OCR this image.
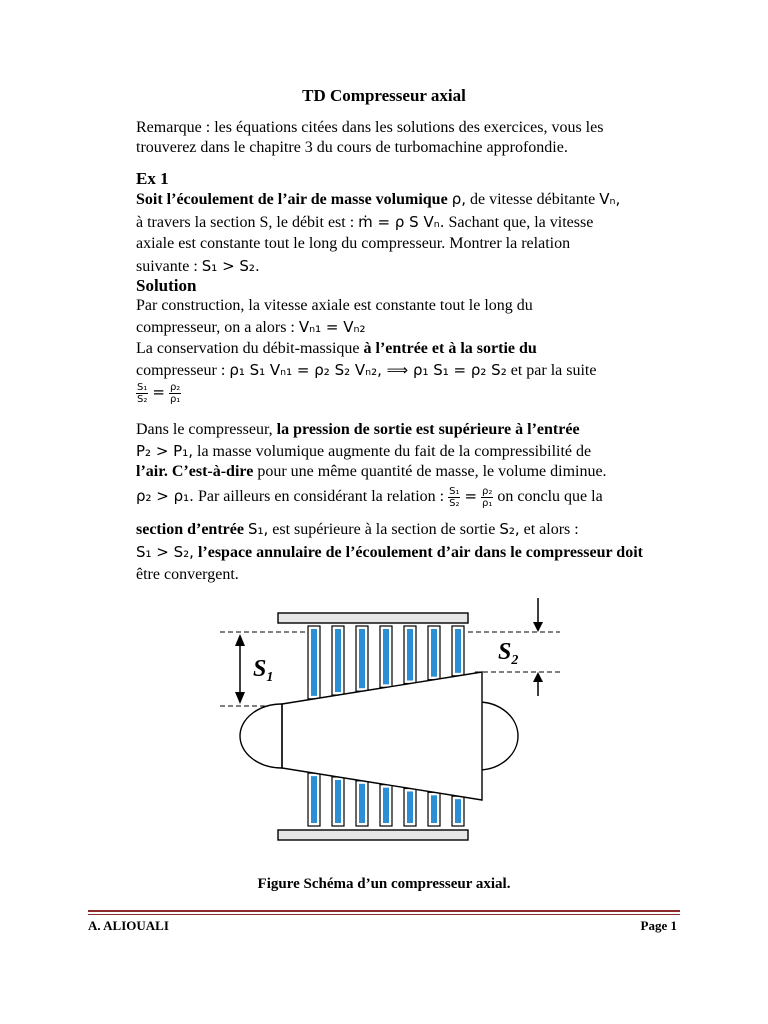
TD Compresseur axial
Remarque : les équations citées dans les solutions des exercices, vous les
trouverez dans le chapitre 3 du cours de turbomachine approfondie.
Ex 1
Soit l’écoulement de l’air de masse volumique ρ, de vitesse débitante Vₙ,
à travers la section S, le débit est : ṁ = ρ S Vₙ. Sachant que, la vitesse
axiale est constante tout le long du compresseur. Montrer la relation
suivante : S₁ > S₂.
Solution
Par construction, la vitesse axiale est constante tout le long du
compresseur, on a alors : Vₙ₁ = Vₙ₂
La conservation du débit-massique à l’entrée et à la sortie du
compresseur : ρ₁ S₁ Vₙ₁ = ρ₂ S₂ Vₙ₂, ⟹ ρ₁ S₁ = ρ₂ S₂ et par la suite
$\frac{\text{S₁}}{\text{S₂}} = \frac{\text{ρ₂}}{\text{ρ₁}}$
Dans le compresseur, la pression de sortie est supérieure à l’entrée
P₂ > P₁, la masse volumique augmente du fait de la compressibilité de
l’air. C’est-à-dire pour une même quantité de masse, le volume diminue.
ρ₂ > ρ₁. Par ailleurs en considérant la relation : $\frac{\text{S₁}}{\text{S₂}} = \frac{\text{ρ₂}}{\text{ρ₁}}$ on conclu que la
section d’entrée S₁, est supérieure à la section de sortie S₂, et alors :
S₁ > S₂, l’espace annulaire de l’écoulement d’air dans le compresseur doit
être convergent.
$S_1$
$S_2$
Figure Schéma d’un compresseur axial.
A. ALIOUALI	Page 1
